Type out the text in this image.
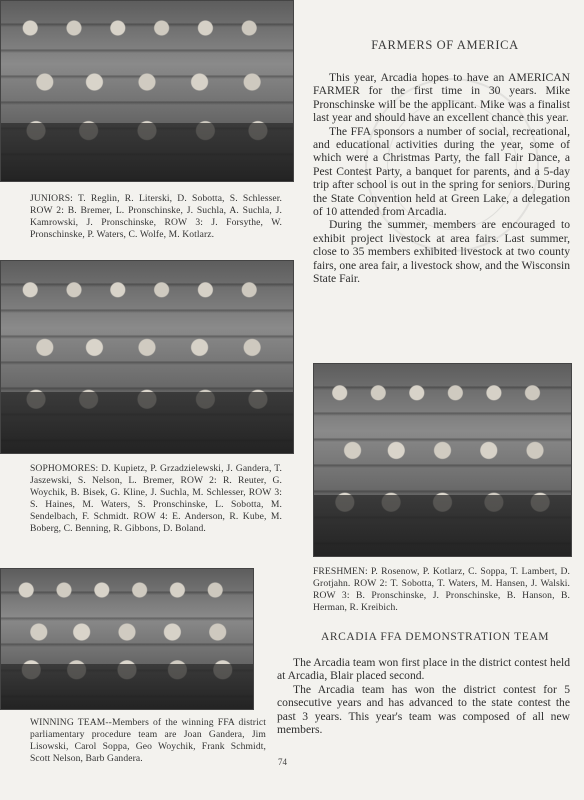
JUNIORS: T. Reglin, R. Literski, D. Sobotta, S. Schlesser. ROW 2: B. Bremer, L. Pronschinske, J. Suchla, A. Suchla, J. Kamrowski, J. Pronschinske, ROW 3: J. Forsythe, W. Pronschinske, P. Waters, C. Wolfe, M. Kotlarz.
SOPHOMORES: D. Kupietz, P. Grzadzielewski, J. Gandera, T. Jaszewski, S. Nelson, L. Bremer, ROW 2: R. Reuter, G. Woychik, B. Bisek, G. Kline, J. Suchla, M. Schlesser, ROW 3: S. Haines, M. Waters, S. Pronschinske, L. Sobotta, M. Sendelbach, F. Schmidt. ROW 4: E. Anderson, R. Kube, M. Boberg, C. Benning, R. Gibbons, D. Boland.
WINNING TEAM--Members of the winning FFA district parliamentary procedure team are Joan Gandera, Jim Lisowski, Carol Soppa, Geo Woychik, Frank Schmidt, Scott Nelson, Barb Gandera.	74
FARMERS OF AMERICA

This year, Arcadia hopes to have an AMERICAN FARMER for the first time in 30 years. Mike Pronschinske will be the applicant. Mike was a finalist last year and should have an excellent chance this year.

The FFA sponsors a number of social, recreational, and educational activities during the year, some of which were a Christmas Party, the fall Fair Dance, a Pest Contest Party, a banquet for parents, and a 5-day trip after school is out in the spring for seniors. During the State Convention held at Green Lake, a delegation of 10 attended from Arcadia.

During the summer, members are encouraged to exhibit project livestock at area fairs. Last summer, close to 35 members exhibited livestock at two county fairs, one area fair, a livestock show, and the Wisconsin State Fair.

FRESHMEN: P. Rosenow, P. Kotlarz, C. Soppa, T. Lambert, D. Grotjahn. ROW 2: T. Sobotta, T. Waters, M. Hansen, J. Walski. ROW 3: B. Pronschinske, J. Pronschinske, B. Hanson, B. Herman, R. Kreibich.
ARCADIA FFA DEMONSTRATION TEAM

The Arcadia team won first place in the district contest held at Arcadia, Blair placed second.

The Arcadia team has won the district contest for 5 consecutive years and has advanced to the state contest the past 3 years. This year's team was composed of all new members.
